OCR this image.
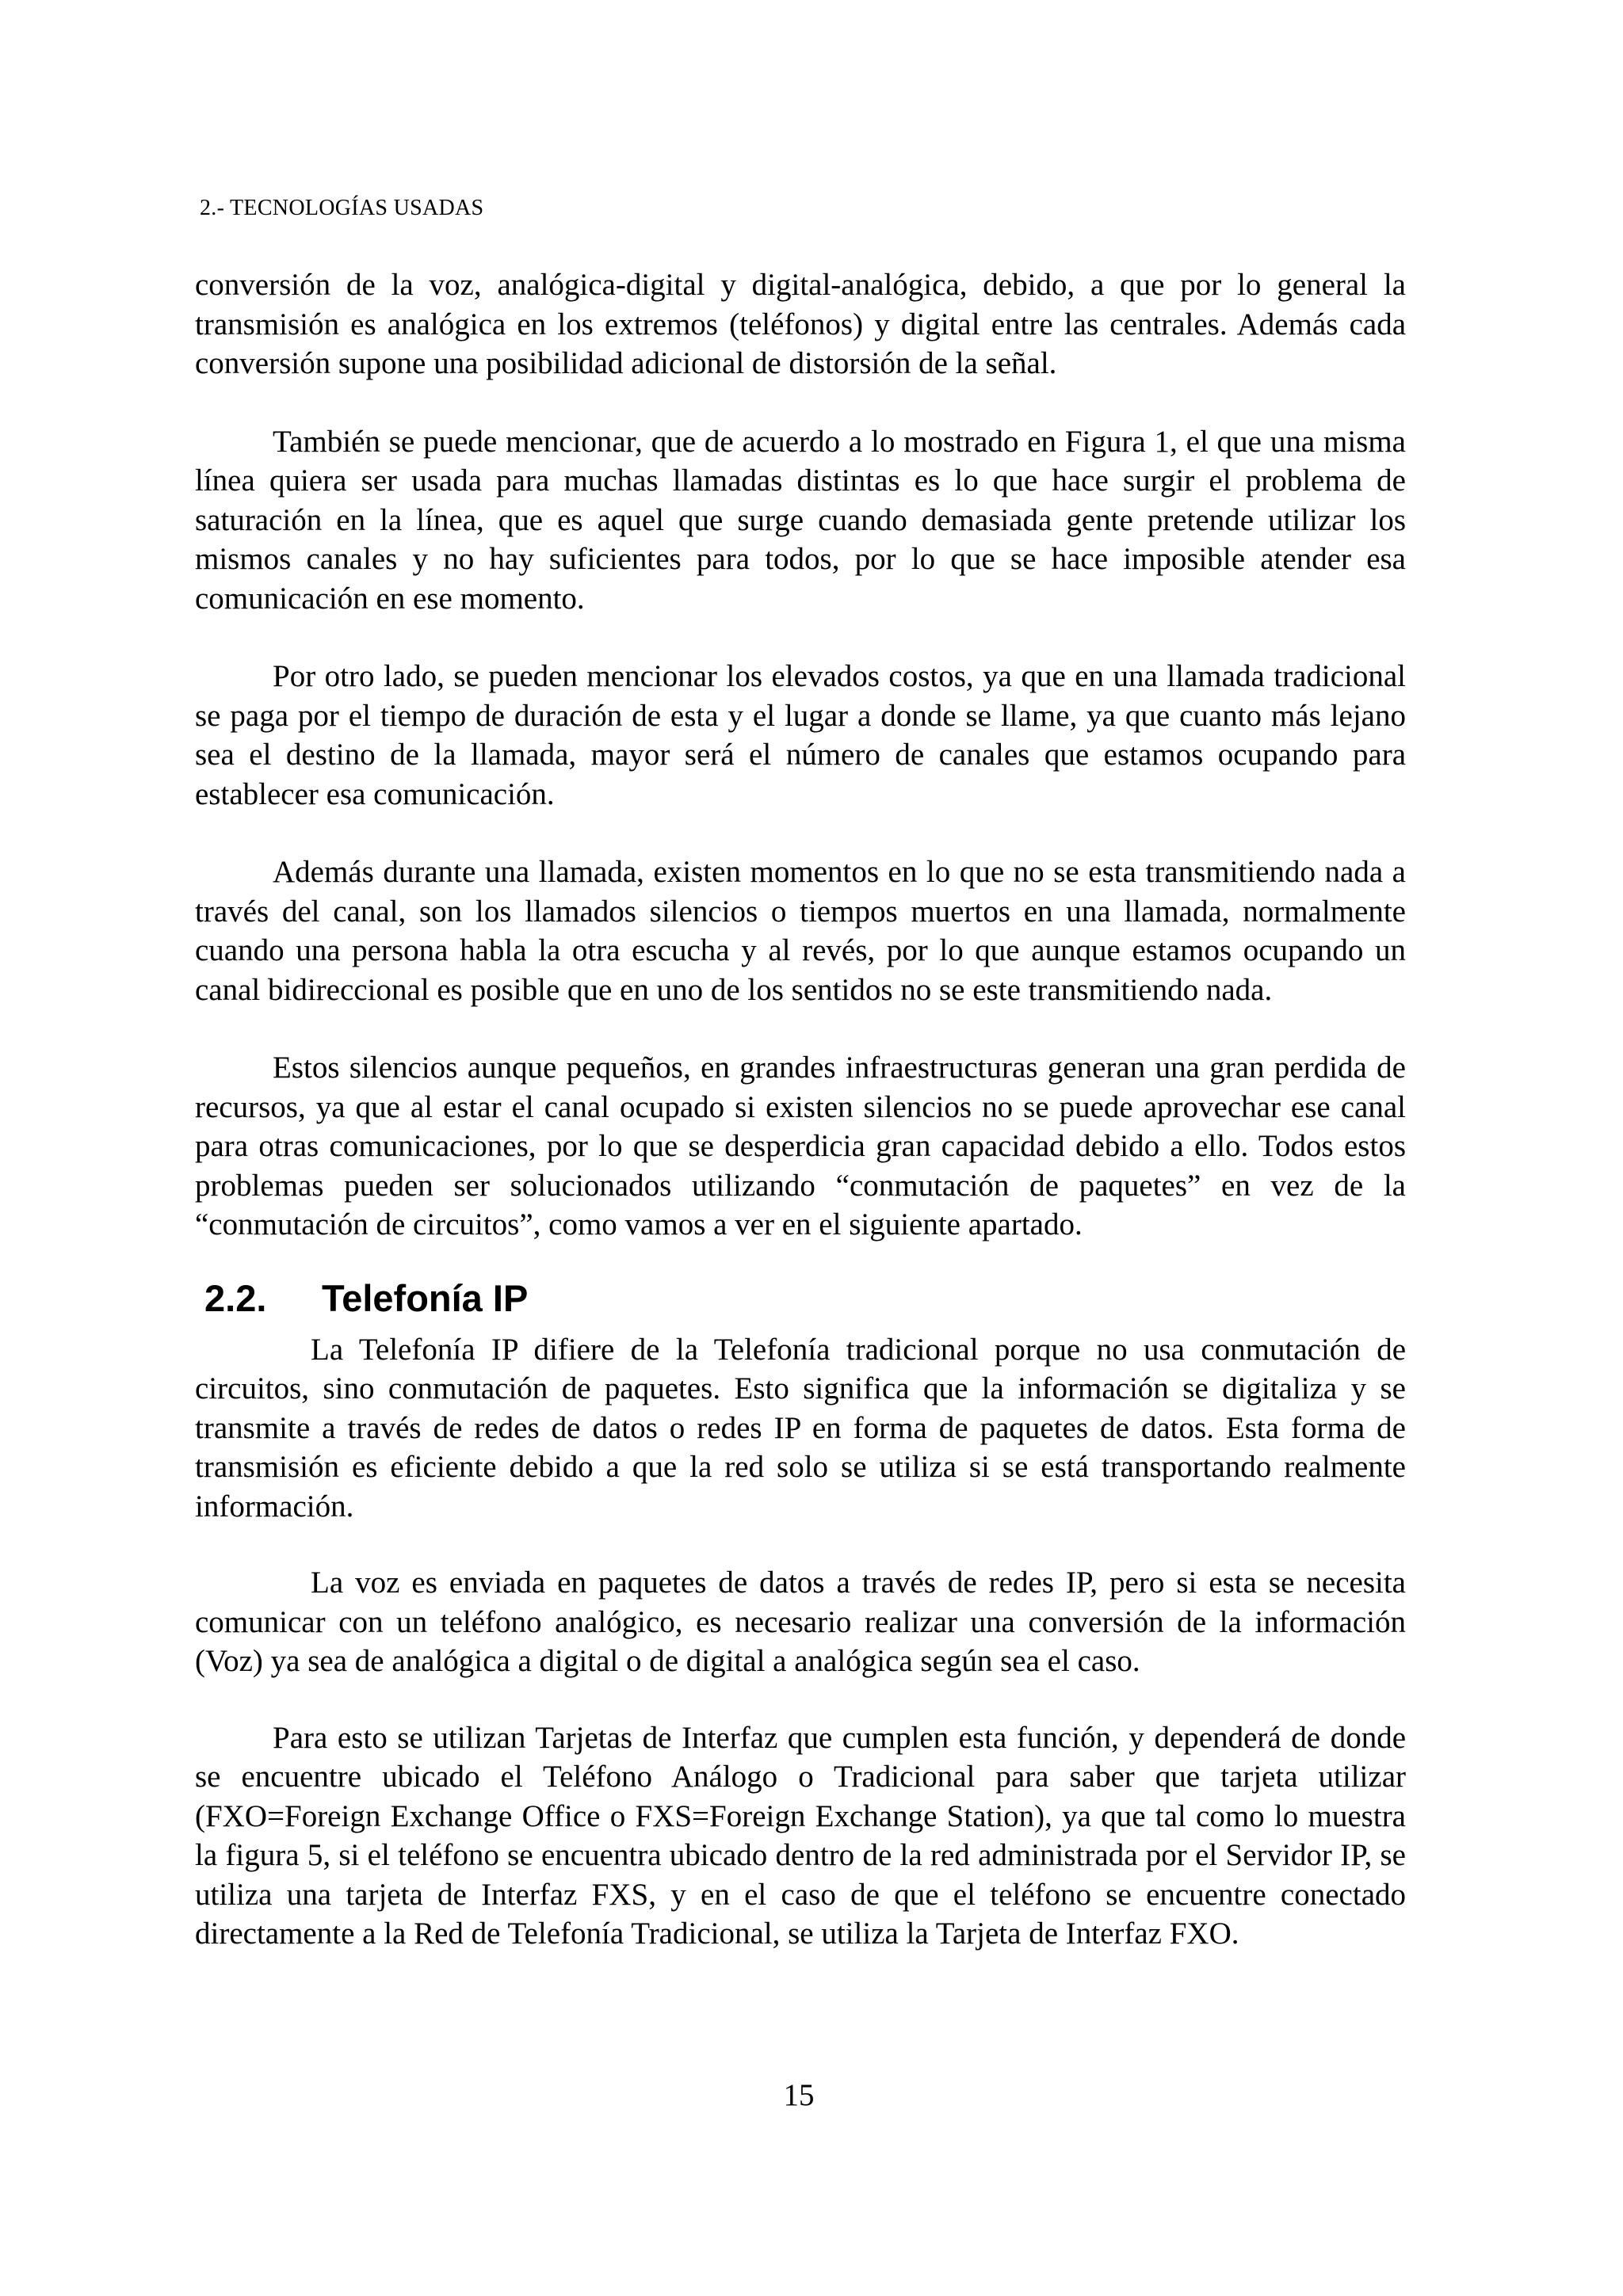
2.- TECNOLOGÍAS USADAS

conversión de la voz, analógica-digital y digital-analógica, debido, a que por lo general la transmisión es analógica en los extremos (teléfonos) y digital entre las centrales. Además cada conversión supone una posibilidad adicional de distorsión de la señal.

También se puede mencionar, que de acuerdo a lo mostrado en Figura 1, el que una misma línea quiera ser usada para muchas llamadas distintas es lo que hace surgir el problema de saturación en la línea, que es aquel que surge cuando demasiada gente pretende utilizar los mismos canales y no hay suficientes para todos, por lo que se hace imposible atender esa comunicación en ese momento.

Por otro lado, se pueden mencionar los elevados costos, ya que en una llamada tradicional se paga por el tiempo de duración de esta y el lugar a donde se llame, ya que cuanto más lejano sea el destino de la llamada, mayor será el número de canales que estamos ocupando para establecer esa comunicación.

Además durante una llamada, existen momentos en lo que no se esta transmitiendo nada a través del canal, son los llamados silencios o tiempos muertos en una llamada, normalmente cuando una persona habla la otra escucha y al revés, por lo que aunque estamos ocupando un canal bidireccional es posible que en uno de los sentidos no se este transmitiendo nada.

Estos silencios aunque pequeños, en grandes infraestructuras generan una gran perdida de recursos, ya que al estar el canal ocupado si existen silencios no se puede aprovechar ese canal para otras comunicaciones, por lo que se desperdicia gran capacidad debido a ello. Todos estos problemas pueden ser solucionados utilizando “conmutación de paquetes” en vez de la “conmutación de circuitos”, como vamos a ver en el siguiente apartado.

2.2. Telefonía IP

La Telefonía IP difiere de la Telefonía tradicional porque no usa conmutación de circuitos, sino conmutación de paquetes. Esto significa que la información se digitaliza y se transmite a través de redes de datos o redes IP en forma de paquetes de datos. Esta forma de transmisión es eficiente debido a que la red solo se utiliza si se está transportando realmente información.

La voz es enviada en paquetes de datos a través de redes IP, pero si esta se necesita comunicar con un teléfono analógico, es necesario realizar una conversión de la información (Voz) ya sea de analógica a digital o de digital a analógica según sea el caso.

Para esto se utilizan Tarjetas de Interfaz que cumplen esta función, y dependerá de donde se encuentre ubicado el Teléfono Análogo o Tradicional para saber que tarjeta utilizar (FXO=Foreign Exchange Office o FXS=Foreign Exchange Station), ya que tal como lo muestra la figura 5, si el teléfono se encuentra ubicado dentro de la red administrada por el Servidor IP, se utiliza una tarjeta de Interfaz FXS, y en el caso de que el teléfono se encuentre conectado directamente a la Red de Telefonía Tradicional, se utiliza la Tarjeta de Interfaz FXO.

15
